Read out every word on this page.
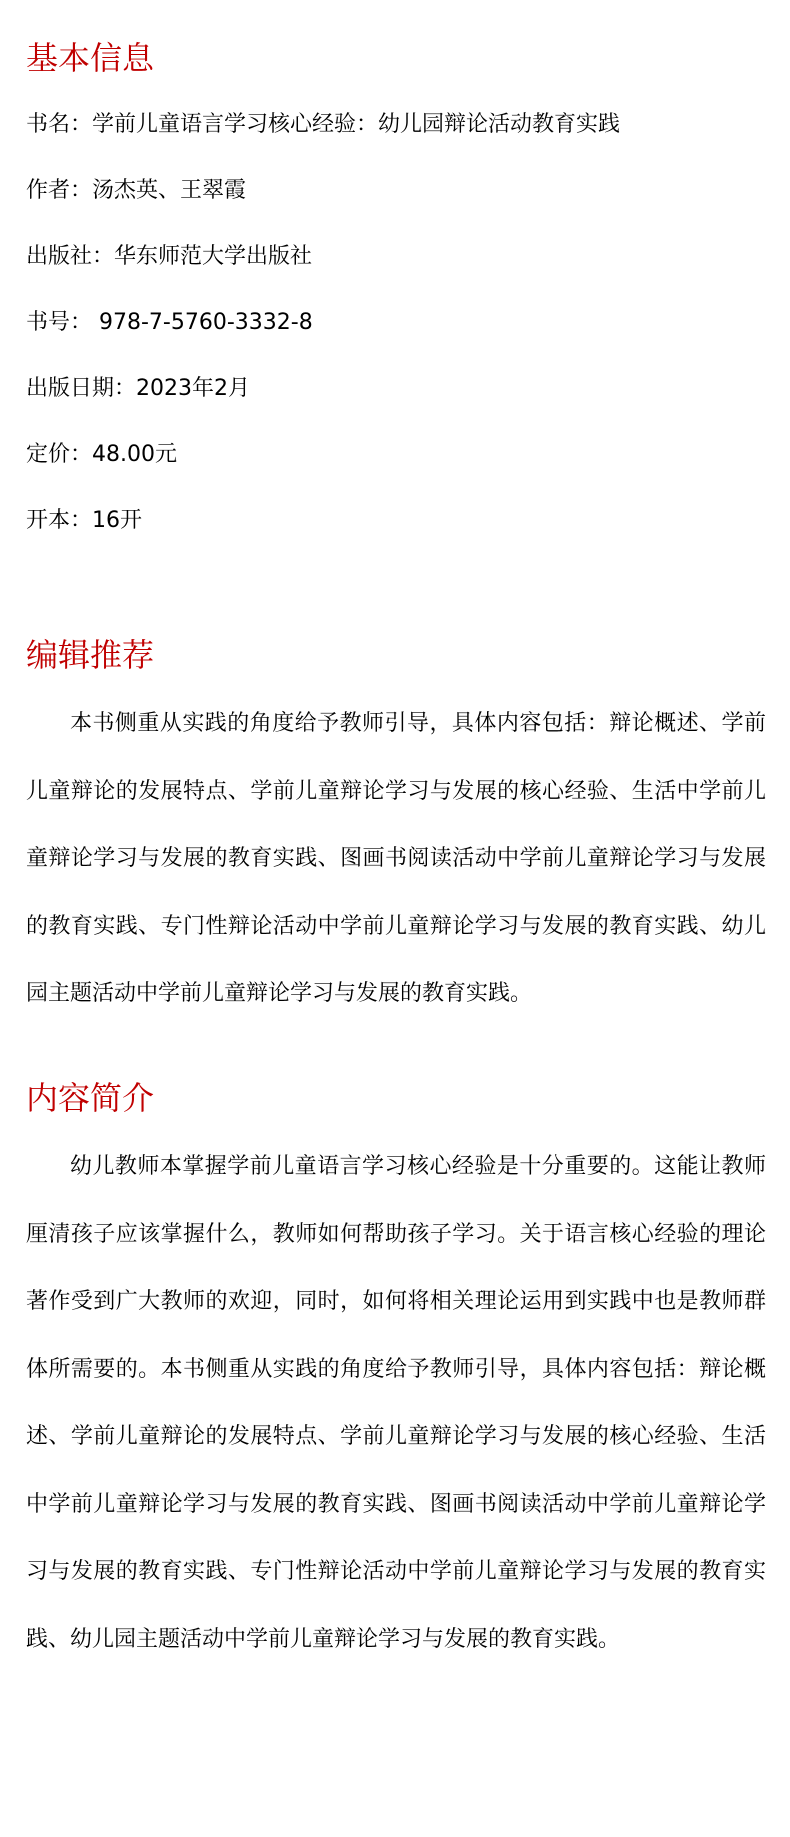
基本信息

书名：学前儿童语言学习核心经验：幼儿园辩论活动教育实践

作者：汤杰英、王翠霞

出版社：华东师范大学出版社

书号： 978-7-5760-3332-8

出版日期：2023年2月

定价：48.00元

开本：16开

编辑推荐

本书侧重从实践的角度给予教师引导，具体内容包括：辩论概述、学前儿童辩论的发展特点、学前儿童辩论学习与发展的核心经验、生活中学前儿童辩论学习与发展的教育实践、图画书阅读活动中学前儿童辩论学习与发展的教育实践、专门性辩论活动中学前儿童辩论学习与发展的教育实践、幼儿园主题活动中学前儿童辩论学习与发展的教育实践。

内容简介

幼儿教师本掌握学前儿童语言学习核心经验是十分重要的。这能让教师厘清孩子应该掌握什么，教师如何帮助孩子学习。关于语言核心经验的理论著作受到广大教师的欢迎，同时，如何将相关理论运用到实践中也是教师群体所需要的。本书侧重从实践的角度给予教师引导，具体内容包括：辩论概述、学前儿童辩论的发展特点、学前儿童辩论学习与发展的核心经验、生活中学前儿童辩论学习与发展的教育实践、图画书阅读活动中学前儿童辩论学习与发展的教育实践、专门性辩论活动中学前儿童辩论学习与发展的教育实践、幼儿园主题活动中学前儿童辩论学习与发展的教育实践。
